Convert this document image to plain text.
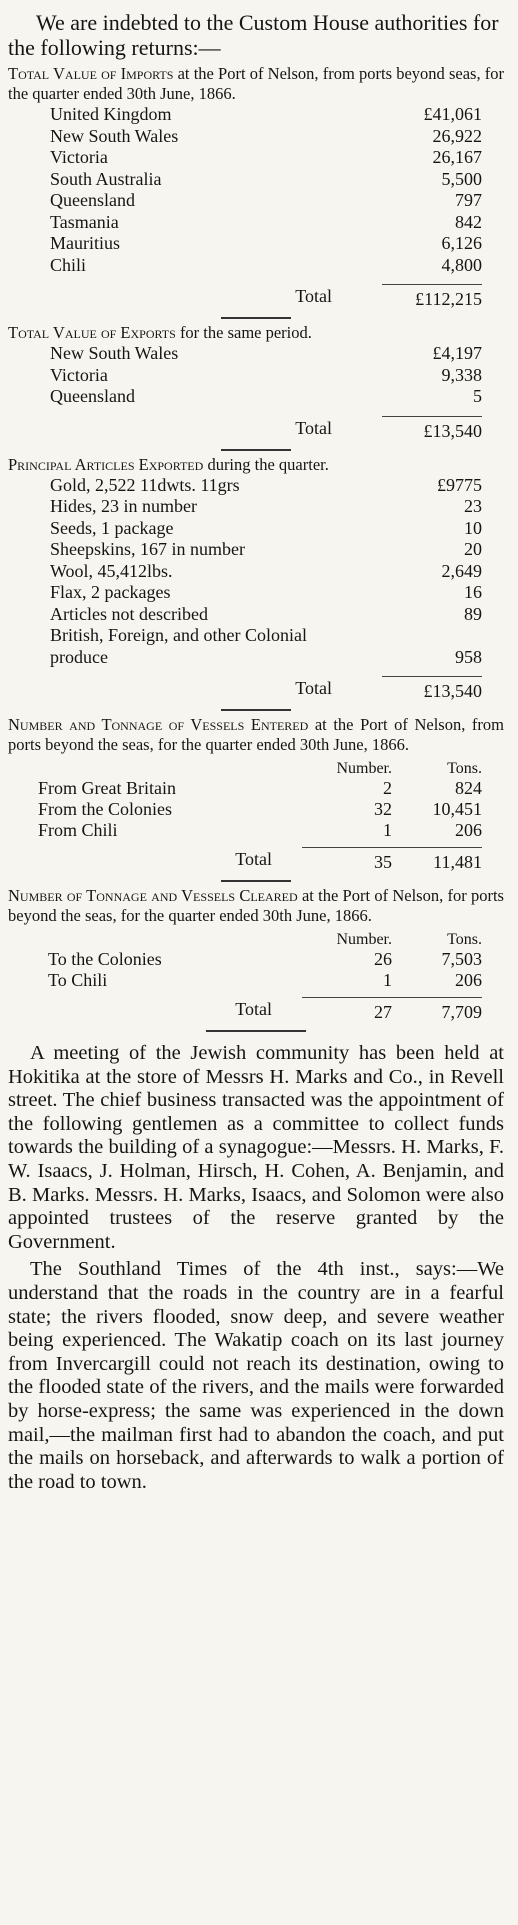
We are indebted to the Custom House authorities for the following returns:—

Total Value of Imports at the Port of Nelson, from ports beyond seas, for the quarter ended 30th June, 1866.

United Kingdom	£41,061
New South Wales	26,922
Victoria	26,167
South Australia	5,500
Queensland	797
Tasmania	842
Mauritius	6,126
Chili	4,800
Total	£112,215

Total Value of Exports for the same period.

New South Wales	£4,197
Victoria	9,338
Queensland	5
Total	£13,540

Principal Articles Exported during the quarter.

Gold, 2,522 11dwts. 11grs	£9775
Hides, 23 in number	23
Seeds, 1 package	10
Sheepskins, 167 in number	20
Wool, 45,412lbs.	2,649
Flax, 2 packages	16
Articles not described	89
British, Foreign, and other Colonial produce	958
Total	£13,540

Number and Tonnage of Vessels Entered at the Port of Nelson, from ports beyond the seas, for the quarter ended 30th June, 1866.

Number.	Tons.
From Great Britain	2	824
From the Colonies	32	10,451
From Chili	1	206
Total	35	11,481

Number of Tonnage and Vessels Cleared at the Port of Nelson, for ports beyond the seas, for the quarter ended 30th June, 1866.

Number.	Tons.
To the Colonies	26	7,503
To Chili	1	206
Total	27	7,709

A meeting of the Jewish community has been held at Hokitika at the store of Messrs H. Marks and Co., in Revell street. The chief business transacted was the appointment of the following gentlemen as a committee to collect funds towards the building of a synagogue:—Messrs. H. Marks, F. W. Isaacs, J. Holman, Hirsch, H. Cohen, A. Benjamin, and B. Marks. Messrs. H. Marks, Isaacs, and Solomon were also appointed trustees of the reserve granted by the Government.

The Southland Times of the 4th inst., says:—We understand that the roads in the country are in a fearful state; the rivers flooded, snow deep, and severe weather being experienced. The Wakatip coach on its last journey from Invercargill could not reach its destination, owing to the flooded state of the rivers, and the mails were forwarded by horse-express; the same was experienced in the down mail,—the mailman first had to abandon the coach, and put the mails on horseback, and afterwards to walk a portion of the road to town.
